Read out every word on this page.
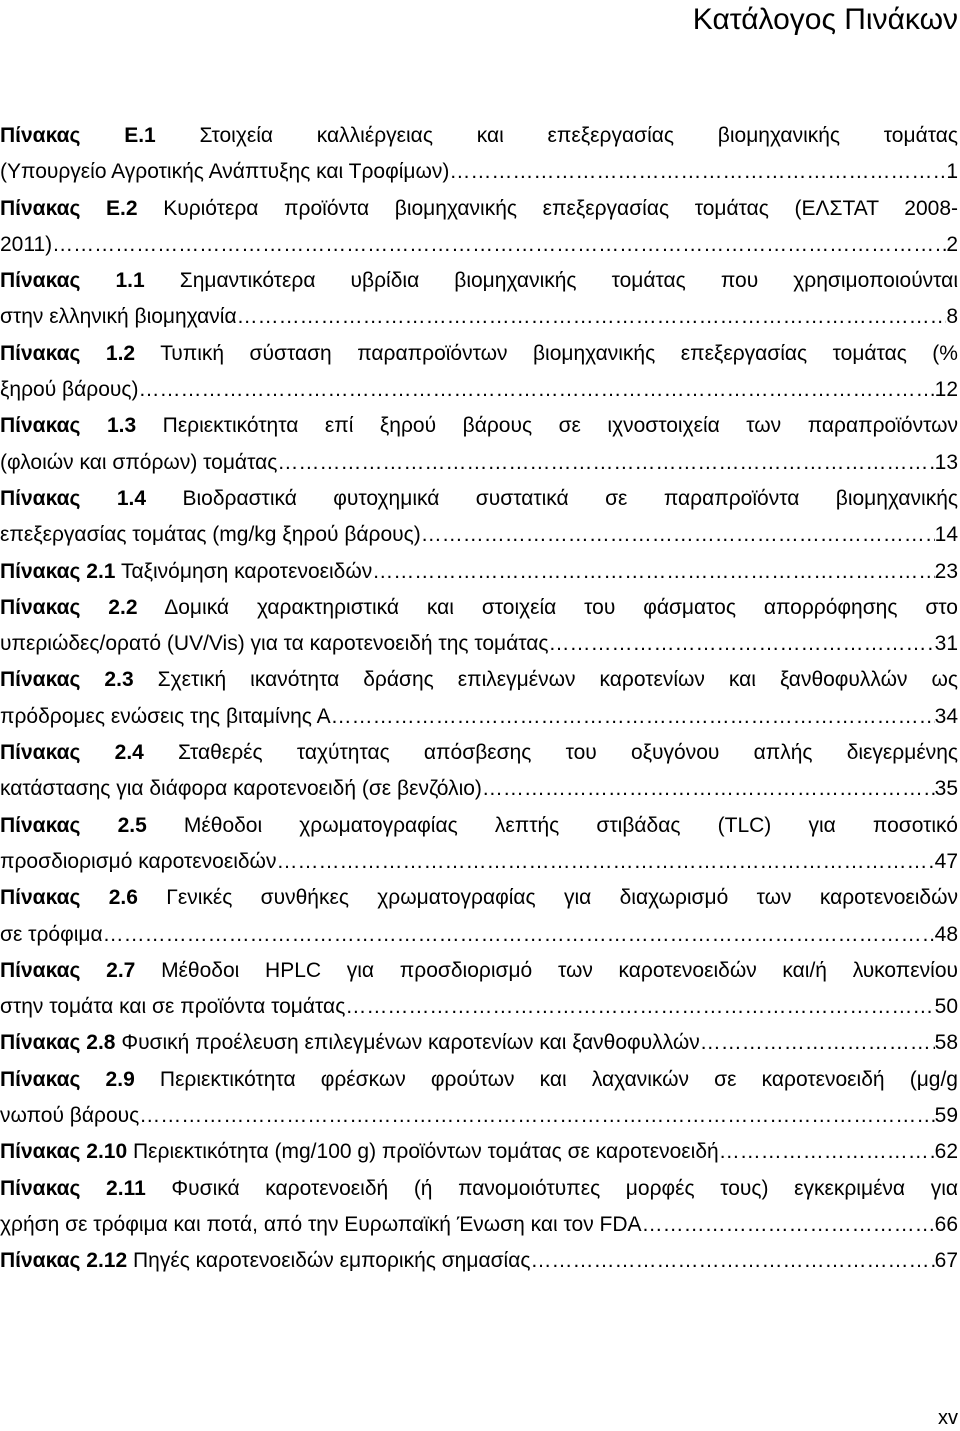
Κατάλογος Πινάκων
Πίνακας Ε.1 Στοιχεία καλλιέργειας και επεξεργασίας βιομηχανικής τομάτας
(Υπουργείο Αγροτικής Ανάπτυξης και Τροφίμων) ……………………………………………………………………………………………………………………………………………………………………………………………………	1
Πίνακας Ε.2 Κυριότερα προϊόντα βιομηχανικής επεξεργασίας τομάτας (ΕΛΣΤΑΤ 2008-
2011) ……………………………………………………………………………………………………………………………………………………………………………………………………	2
Πίνακας 1.1 Σημαντικότερα υβρίδια βιομηχανικής τομάτας που χρησιμοποιούνται
στην ελληνική βιομηχανία ……………………………………………………………………………………………………………………………………………………………………………………………………	8
Πίνακας 1.2 Τυπική σύσταση παραπροϊόντων βιομηχανικής επεξεργασίας τομάτας (%
ξηρού βάρους) ……………………………………………………………………………………………………………………………………………………………………………………………………	12
Πίνακας 1.3 Περιεκτικότητα επί ξηρού βάρους σε ιχνοστοιχεία των παραπροϊόντων
(φλοιών και σπόρων) τομάτας ……………………………………………………………………………………………………………………………………………………………………………………………………	13
Πίνακας 1.4 Βιοδραστικά φυτοχημικά συστατικά σε παραπροϊόντα βιομηχανικής
επεξεργασίας τομάτας (mg/kg ξηρού βάρους) ……………………………………………………………………………………………………………………………………………………………………………………………………	14
Πίνακας 2.1 Ταξινόμηση καροτενοειδών ……………………………………………………………………………………………………………………………………………………………………………………………………	23
Πίνακας 2.2 Δομικά χαρακτηριστικά και στοιχεία του φάσματος απορρόφησης στο
υπεριώδες/ορατό (UV/Vis) για τα καροτενοειδή της τομάτας ……………………………………………………………………………………………………………………………………………………………………………………………………	31
Πίνακας 2.3 Σχετική ικανότητα δράσης επιλεγμένων καροτενίων και ξανθοφυλλών ως
πρόδρομες ενώσεις της βιταμίνης Α ……………………………………………………………………………………………………………………………………………………………………………………………………	34
Πίνακας 2.4 Σταθερές ταχύτητας απόσβεσης του οξυγόνου απλής διεγερμένης
κατάστασης για διάφορα καροτενοειδή (σε βενζόλιο) ……………………………………………………………………………………………………………………………………………………………………………………………………	35
Πίνακας 2.5 Μέθοδοι χρωματογραφίας λεπτής στιβάδας (TLC) για ποσοτικό
προσδιορισμό καροτενοειδών ……………………………………………………………………………………………………………………………………………………………………………………………………	47
Πίνακας 2.6 Γενικές συνθήκες χρωματογραφίας για διαχωρισμό των καροτενοειδών
σε τρόφιμα ……………………………………………………………………………………………………………………………………………………………………………………………………	48
Πίνακας 2.7 Μέθοδοι HPLC για προσδιορισμό των καροτενοειδών και/ή λυκοπενίου
στην τομάτα και σε προϊόντα τομάτας ……………………………………………………………………………………………………………………………………………………………………………………………………	50
Πίνακας 2.8 Φυσική προέλευση επιλεγμένων καροτενίων και ξανθοφυλλών ……………………………………………………………………………………………………………………………………………………………………………………………………	58
Πίνακας 2.9 Περιεκτικότητα φρέσκων φρούτων και λαχανικών σε καροτενοειδή (μg/g
νωπού βάρους ……………………………………………………………………………………………………………………………………………………………………………………………………	59
Πίνακας 2.10 Περιεκτικότητα (mg/100 g) προϊόντων τομάτας σε καροτενοειδή ……………………………………………………………………………………………………………………………………………………………………………………………………	62
Πίνακας 2.11 Φυσικά καροτενοειδή (ή πανομοιότυπες μορφές τους) εγκεκριμένα για
χρήση σε τρόφιμα και ποτά, από την Ευρωπαϊκή Ένωση και τον FDA ……………………………………………………………………………………………………………………………………………………………………………………………………	66
Πίνακας 2.12 Πηγές καροτενοειδών εμπορικής σημασίας ……………………………………………………………………………………………………………………………………………………………………………………………………	67
xv
